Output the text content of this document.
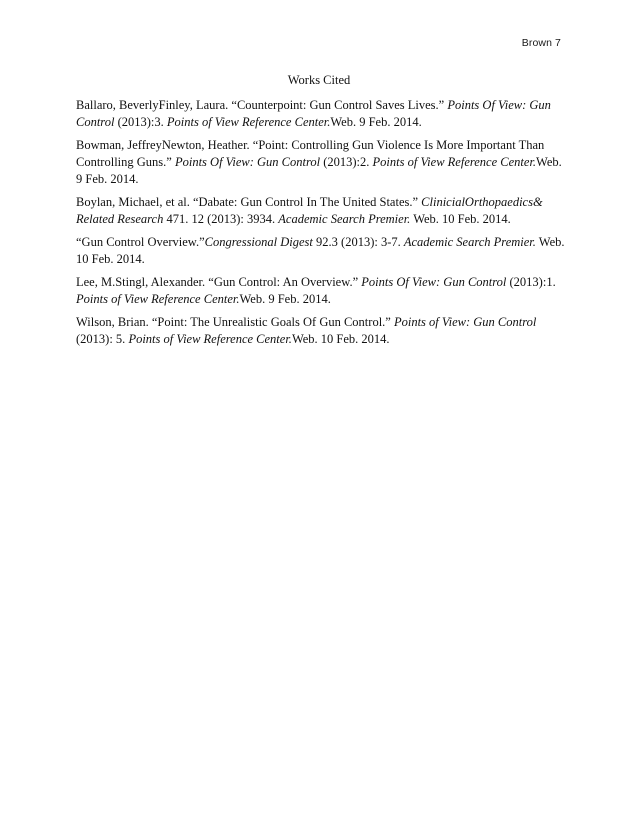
Brown 7
Works Cited

Ballaro, BeverlyFinley, Laura. “Counterpoint: Gun Control Saves Lives.” Points Of View: Gun Control (2013):3. Points of View Reference Center.Web. 9 Feb. 2014.

Bowman, JeffreyNewton, Heather. “Point: Controlling Gun Violence Is More Important Than Controlling Guns.” Points Of View: Gun Control (2013):2. Points of View Reference Center.Web. 9 Feb. 2014.

Boylan, Michael, et al. “Dabate: Gun Control In The United States.” ClinicialOrthopaedics& Related Research 471. 12 (2013): 3934. Academic Search Premier. Web. 10 Feb. 2014.

“Gun Control Overview.”Congressional Digest 92.3 (2013): 3-7. Academic Search Premier. Web. 10 Feb. 2014.

Lee, M.Stingl, Alexander. “Gun Control: An Overview.” Points Of View: Gun Control (2013):1. Points of View Reference Center.Web. 9 Feb. 2014.

Wilson, Brian. “Point: The Unrealistic Goals Of Gun Control.” Points of View: Gun Control (2013): 5. Points of View Reference Center.Web. 10 Feb. 2014.
